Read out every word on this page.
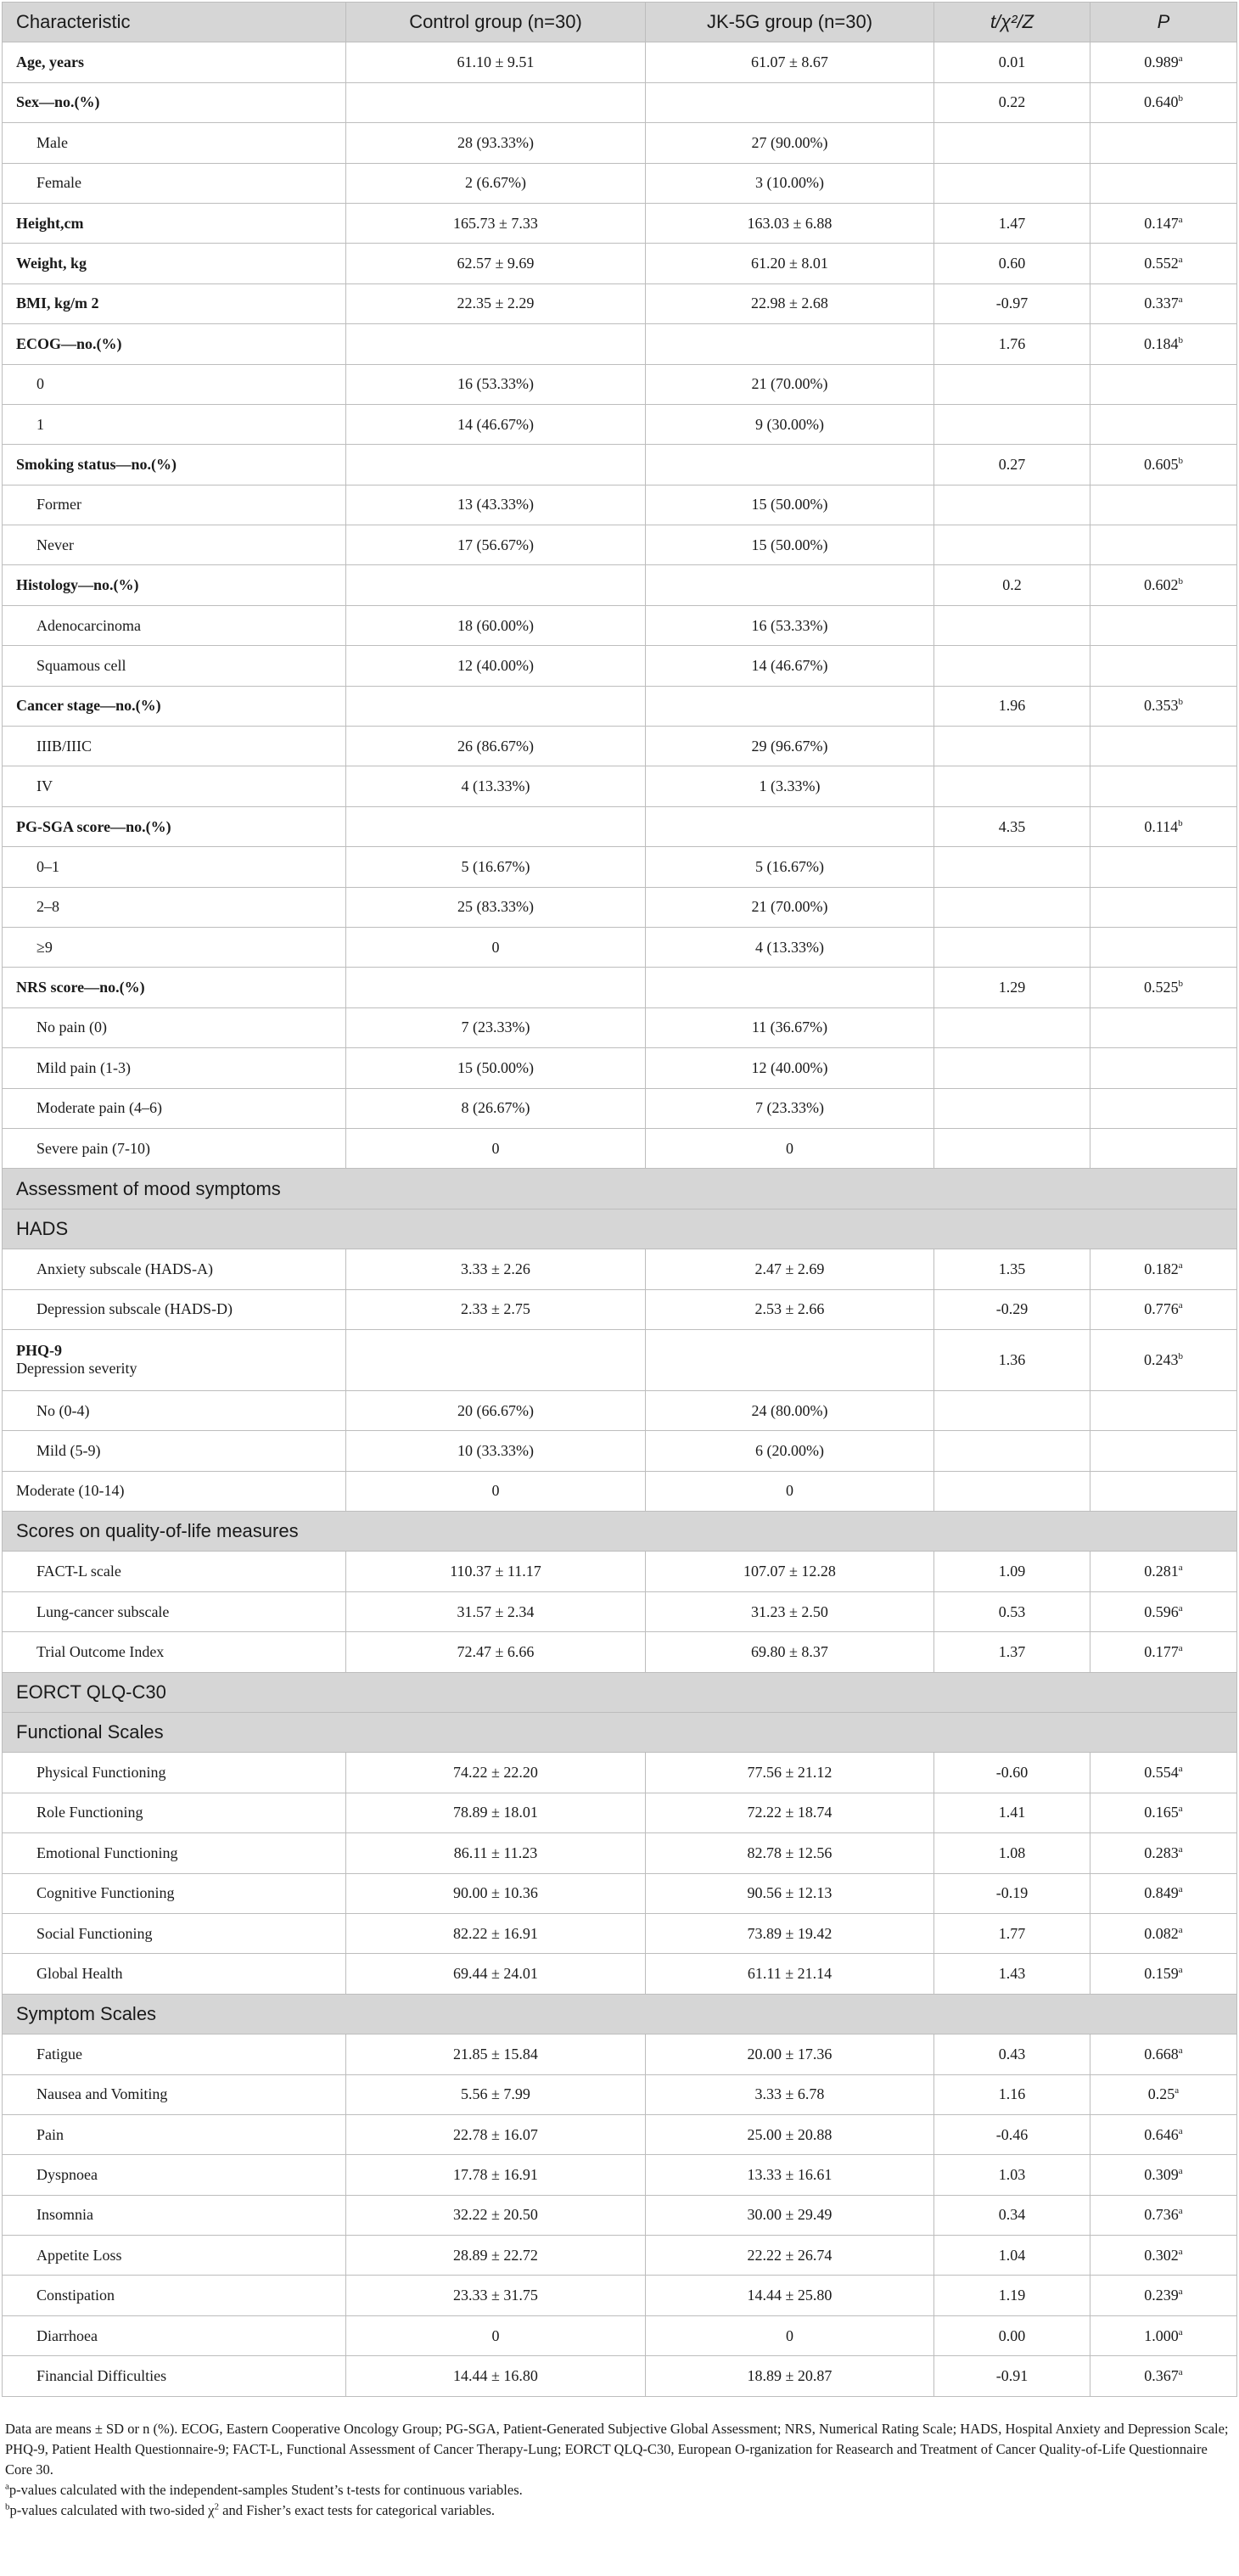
Characteristic	Control group (n=30)	JK-5G group (n=30)	t/χ²/Z	P
Age, years	61.10 ± 9.51	61.07 ± 8.67	0.01	0.989$^a$
Sex—no.(%)			0.22	0.640$^b$
Male	28 (93.33%)	27 (90.00%)		
Female	2 (6.67%)	3 (10.00%)		
Height,cm	165.73 ± 7.33	163.03 ± 6.88	1.47	0.147$^a$
Weight, kg	62.57 ± 9.69	61.20 ± 8.01	0.60	0.552$^a$
BMI, kg/m 2	22.35 ± 2.29	22.98 ± 2.68	-0.97	0.337$^a$
ECOG—no.(%)			1.76	0.184$^b$
0	16 (53.33%)	21 (70.00%)		
1	14 (46.67%)	9 (30.00%)		
Smoking status—no.(%)			0.27	0.605$^b$
Former	13 (43.33%)	15 (50.00%)		
Never	17 (56.67%)	15 (50.00%)		
Histology—no.(%)			0.2	0.602$^b$
Adenocarcinoma	18 (60.00%)	16 (53.33%)		
Squamous cell	12 (40.00%)	14 (46.67%)		
Cancer stage—no.(%)			1.96	0.353$^b$
IIIB/IIIC	26 (86.67%)	29 (96.67%)		
IV	4 (13.33%)	1 (3.33%)		
PG-SGA score—no.(%)			4.35	0.114$^b$
0–1	5 (16.67%)	5 (16.67%)		
2–8	25 (83.33%)	21 (70.00%)		
≥9	0	4 (13.33%)		
NRS score—no.(%)			1.29	0.525$^b$
No pain (0)	7 (23.33%)	11 (36.67%)		
Mild pain (1-3)	15 (50.00%)	12 (40.00%)		
Moderate pain (4–6)	8 (26.67%)	7 (23.33%)		
Severe pain (7-10)	0	0		
Assessment of mood symptoms				
HADS				
Anxiety subscale (HADS-A)	3.33 ± 2.26	2.47 ± 2.69	1.35	0.182$^a$
Depression subscale (HADS-D)	2.33 ± 2.75	2.53 ± 2.66	-0.29	0.776$^a$
PHQ-9
Depression severity			1.36	0.243$^b$
No (0-4)	20 (66.67%)	24 (80.00%)		
Mild (5-9)	10 (33.33%)	6 (20.00%)		
Moderate (10-14)	0	0		
Scores on quality-of-life measures				
FACT-L scale	110.37 ± 11.17	107.07 ± 12.28	1.09	0.281$^a$
Lung-cancer subscale	31.57 ± 2.34	31.23 ± 2.50	0.53	0.596$^a$
Trial Outcome Index	72.47 ± 6.66	69.80 ± 8.37	1.37	0.177$^a$
EORCT QLQ-C30				
Functional Scales				
Physical Functioning	74.22 ± 22.20	77.56 ± 21.12	-0.60	0.554$^a$
Role Functioning	78.89 ± 18.01	72.22 ± 18.74	1.41	0.165$^a$
Emotional Functioning	86.11 ± 11.23	82.78 ± 12.56	1.08	0.283$^a$
Cognitive Functioning	90.00 ± 10.36	90.56 ± 12.13	-0.19	0.849$^a$
Social Functioning	82.22 ± 16.91	73.89 ± 19.42	1.77	0.082$^a$
Global Health	69.44 ± 24.01	61.11 ± 21.14	1.43	0.159$^a$
Symptom Scales				
Fatigue	21.85 ± 15.84	20.00 ± 17.36	0.43	0.668$^a$
Nausea and Vomiting	5.56 ± 7.99	3.33 ± 6.78	1.16	0.25$^a$
Pain	22.78 ± 16.07	25.00 ± 20.88	-0.46	0.646$^a$
Dyspnoea	17.78 ± 16.91	13.33 ± 16.61	1.03	0.309$^a$
Insomnia	32.22 ± 20.50	30.00 ± 29.49	0.34	0.736$^a$
Appetite Loss	28.89 ± 22.72	22.22 ± 26.74	1.04	0.302$^a$
Constipation	23.33 ± 31.75	14.44 ± 25.80	1.19	0.239$^a$
Diarrhoea	0	0	0.00	1.000$^a$
Financial Difficulties	14.44 ± 16.80	18.89 ± 20.87	-0.91	0.367$^a$

Data are means ± SD or n (%). ECOG, Eastern Cooperative Oncology Group; PG-SGA, Patient-Generated Subjective Global Assessment; NRS, Numerical Rating Scale; HADS, Hospital Anxiety and Depression Scale; PHQ-9, Patient Health Questionnaire-9; FACT-L, Functional Assessment of Cancer Therapy-Lung; EORCT QLQ-C30, European O-rganization for Reasearch and Treatment of Cancer Quality-of-Life Questionnaire Core 30.

$^a$p-values calculated with the independent-samples Student’s t-tests for continuous variables.

$^b$p-values calculated with two-sided $\chi^2$ and Fisher’s exact tests for categorical variables.
